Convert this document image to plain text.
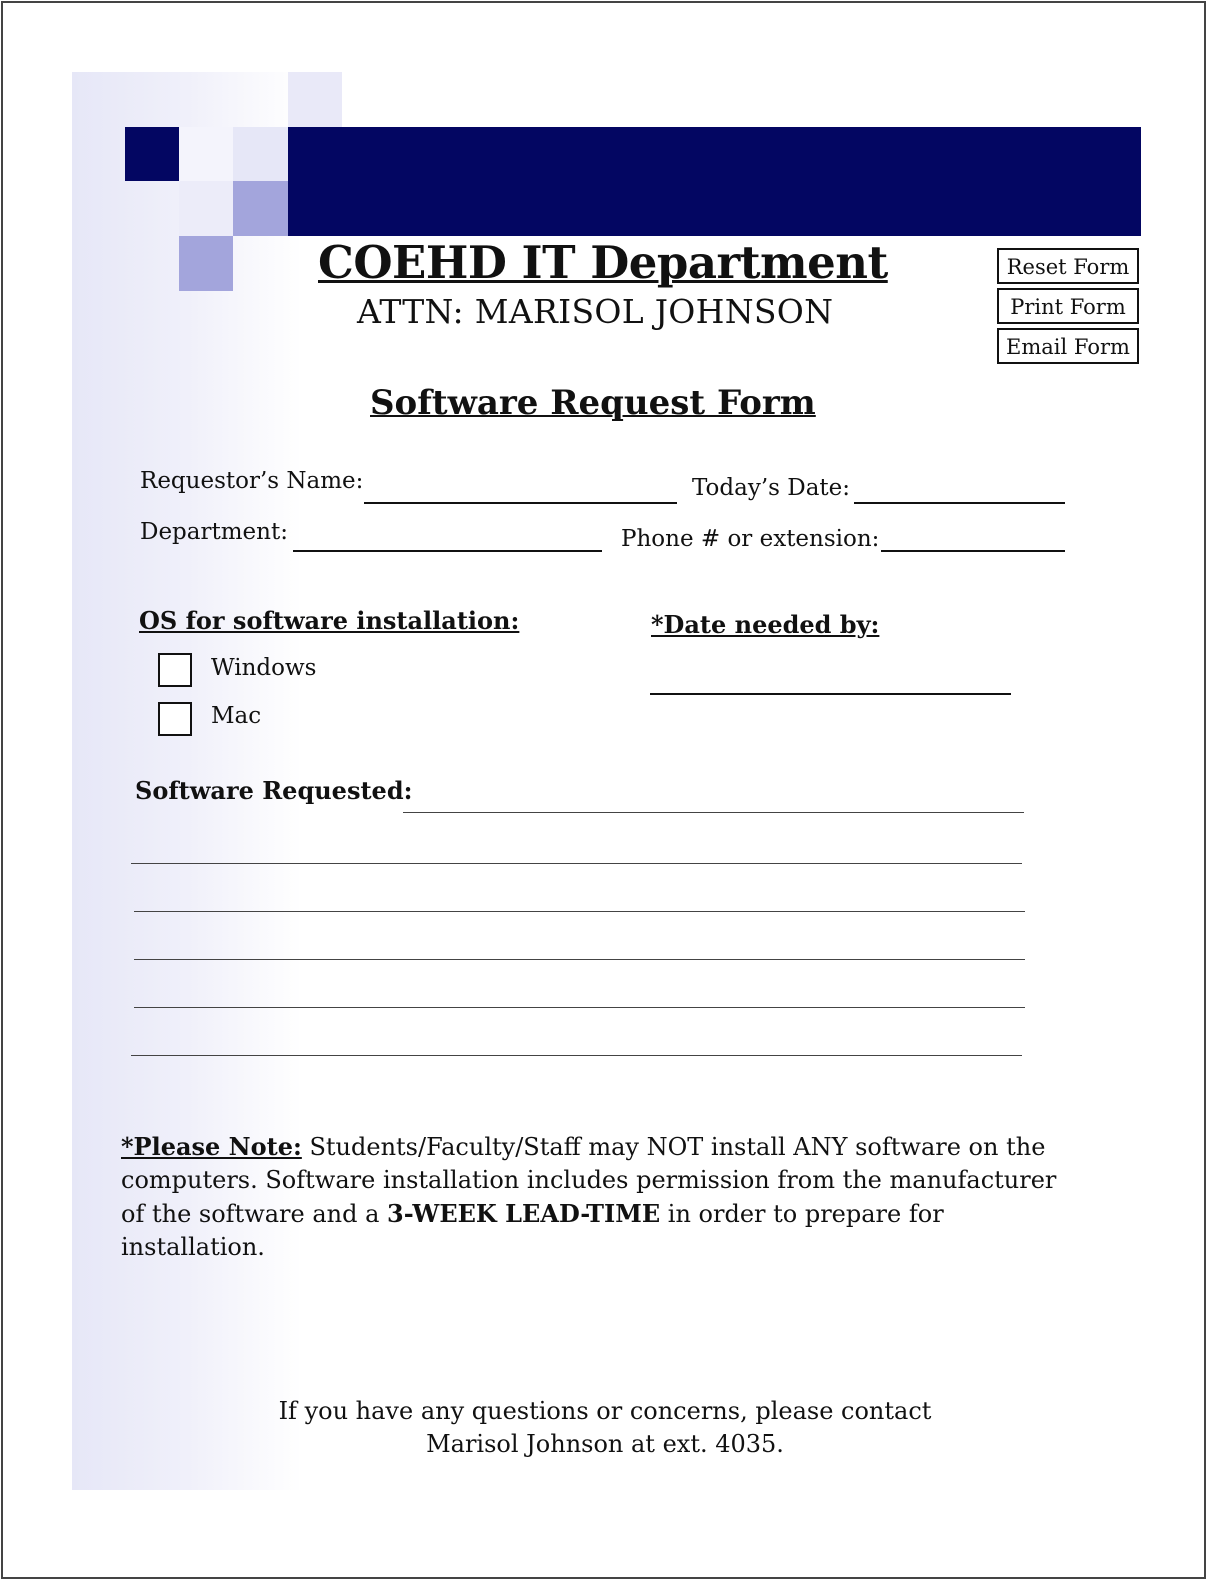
COEHD IT Department
ATTN: MARISOL JOHNSON
Reset Form
Print Form
Email Form
Software Request Form
Requestor’s Name:	Today’s Date:
Department:	Phone # or extension:
OS for software installation:
Windows
Mac
*Date needed by:
Software Requested:
*Please Note: Students/Faculty/Staff may NOT install ANY software on the computers. Software installation includes permission from the manufacturer of the software and a 3-WEEK LEAD-TIME in order to prepare for installation.
If you have any questions or concerns, please contact
Marisol Johnson at ext. 4035.
